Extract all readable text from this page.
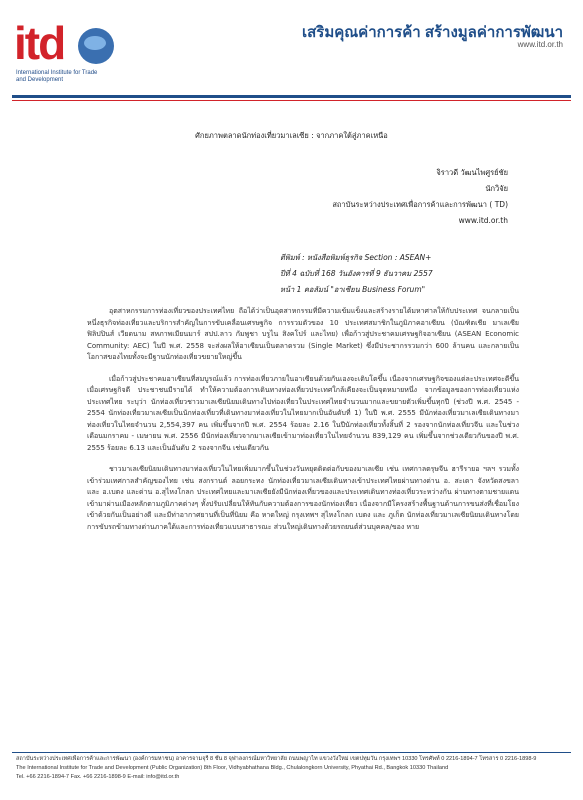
itd
International Institute for Trade and Development
เสริมคุณค่าการค้า สร้างมูลค่าการพัฒนา
www.itd.or.th
ศักยภาพตลาดนักท่องเที่ยวมาเลเซีย : จากภาคใต้สู่ภาคเหนือ
จิราวดี วัฒนไพศูรย์ชัย
นักวิจัย
สถาบันระหว่างประเทศเพื่อการค้าและการพัฒนา ( TD)
www.itd.or.th
ตีพิมพ์ : หนังสือพิมพ์ธุรกิจ Section : ASEAN+
ปีที่ 4 ฉบับที่ 168 วันอังคารที่ 9 ธันวาคม 2557
หน้า 1 คอลัมน์ "อาเซียน Business Forum"

อุตสาหกรรมการท่องเที่ยวของประเทศไทย ถือได้ว่าเป็นอุตสาหกรรมที่มีความเข้มแข็งและสร้างรายได้มหาศาลให้กับประเทศ จนกลายเป็นหนึ่งธุรกิจท่องเที่ยวและบริการสำคัญในการขับเคลื่อนเศรษฐกิจ การรวมตัวของ 10 ประเทศสมาชิกในภูมิภาคอาเซียน (บัณฑิตเชีย มาเลเซีย ฟิลิปปินส์ เวียดนาม สหภาพเมียนมาร์ สปป.ลาว กัมพูชา บรูไน สิงคโปร์ และไทย) เพื่อก้าวสู่ประชาคมเศรษฐกิจอาเซียน (ASEAN Economic Community: AEC) ในปี พ.ศ. 2558 จะส่งผลให้อาเซียนเป็นตลาดรวม (Single Market) ซึ่งมีประชากรรวมกว่า 600 ล้านคน และกลายเป็นโอกาสของไทยทั้งจะมีฐานนักท่องเที่ยวขยายใหญ่ขึ้น

เมื่อก้าวสู่ประชาคมอาเซียนที่สมบูรณ์แล้ว การท่องเที่ยวภายในอาเซียนด้วยกันเองจะเติบโตขึ้น เนื่องจากเศรษฐกิจของแต่ละประเทศจะดีขึ้น เมื่อเศรษฐกิจดี ประชาชนมีรายได้ ทำให้ความต้องการเดินทางท่องเที่ยวประเทศใกล้เคียงจะเป็นจุดหมายหนึ่ง จากข้อมูลของการท่องเที่ยวแห่งประเทศไทย ระบุว่า นักท่องเที่ยวชาวมาเลเซียนิยมเดินทางไปท่องเที่ยวในประเทศไทยจำนวนมากและขยายตัวเพิ่มขึ้นทุกปี (ช่วงปี พ.ศ. 2545 - 2554 นักท่องเที่ยวมาเลเซียเป็นนักท่องเที่ยวที่เดินทางมาท่องเที่ยวในไทยมากเป็นอันดับที่ 1) ในปี พ.ศ. 2555 มีนักท่องเที่ยวมาเลเซียเดินทางมาท่องเที่ยวในไทยจำนวน 2,554,397 คน เพิ่มขึ้นจากปี พ.ศ. 2554 ร้อยละ 2.16 ในปีนักท่องเที่ยวทั้งสิ้นที่ 2 รองจากนักท่องเที่ยวจีน และในช่วงเดือนมกราคม - เมษายน พ.ศ. 2556 มีนักท่องเที่ยวจากมาเลเซียเข้ามาท่องเที่ยวในไทยจำนวน 839,129 คน เพิ่มขึ้นจากช่วงเดียวกันของปี พ.ศ. 2555 ร้อยละ 6.13 และเป็นอันดับ 2 รองจากจีน เช่นเดียวกัน

ชาวมาเลเซียนิยมเดินทางมาท่องเที่ยวในไทยเพิ่มมากขึ้นในช่วงวันหยุดติดต่อกับของมาเลเซีย เช่น เทศกาลตรุษจีน ฮารีรายอ ฯลฯ รวมทั้งเข้าร่วมเทศกาลสำคัญของไทย เช่น สงกรานต์ ลอยกระทง นักท่องเที่ยวมาเลเซียเดินทางเข้าประเทศไทยผ่านทางด่าน อ. สะเดา จังหวัดสงขลา และ อ.เบตง และด่าน อ.สุไหงโกลก ประเทศไทยและมาเลเซียยังมีนักท่องเที่ยวของและประเทศเดินทางท่องเที่ยวระหว่างกัน ผ่านทางตามชายแดนเข้ามาผ่านเมืองหลักตามภูมิภาคต่างๆ ทั้งปรับเปลี่ยนให้ทันกับความต้องการของนักท่องเที่ยว เนื่องจากมีโครงสร้างพื้นฐานด้านการขนส่งที่เชื่อมโยงเข้าด้วยกันเป็นอย่างดี และมีท่าอากาศยานที่เป็นที่นิยม คือ หาดใหญ่ กรุงเทพฯ สุไหงโกลก เบตง และ ภูเก็ต นักท่องเที่ยวมาเลเซียนิยมเดินทางโดยการขับรถข้ามทางด่านภาคใต้และการท่องเที่ยวแบบสาธารณะ ส่วนใหญ่เดินทางด้วยรถยนต์ส่วนบุคคล/ของ หาย

สถาบันระหว่างประเทศเพื่อการค้าและการพัฒนา (องค์การมหาชน) อาคารจามจุรี 8 ชั้น 8 จุฬาลงกรณ์มหาวิทยาลัย ถนนพญาไท แขวงวังใหม่ เขตปทุมวัน กรุงเทพฯ 10330 โทรศัพท์ 0 2216-1894-7 โทรสาร 0 2216-1898-9
The International Institute for Trade and Development (Public Organization) 8th Floor, Vidhyabhathana Bldg., Chulalongkorn University, Phyathai Rd., Bangkok 10330 Thailand
Tel. +66 2216-1894-7 Fax. +66 2216-1898-9 E-mail: info@itd.or.th
